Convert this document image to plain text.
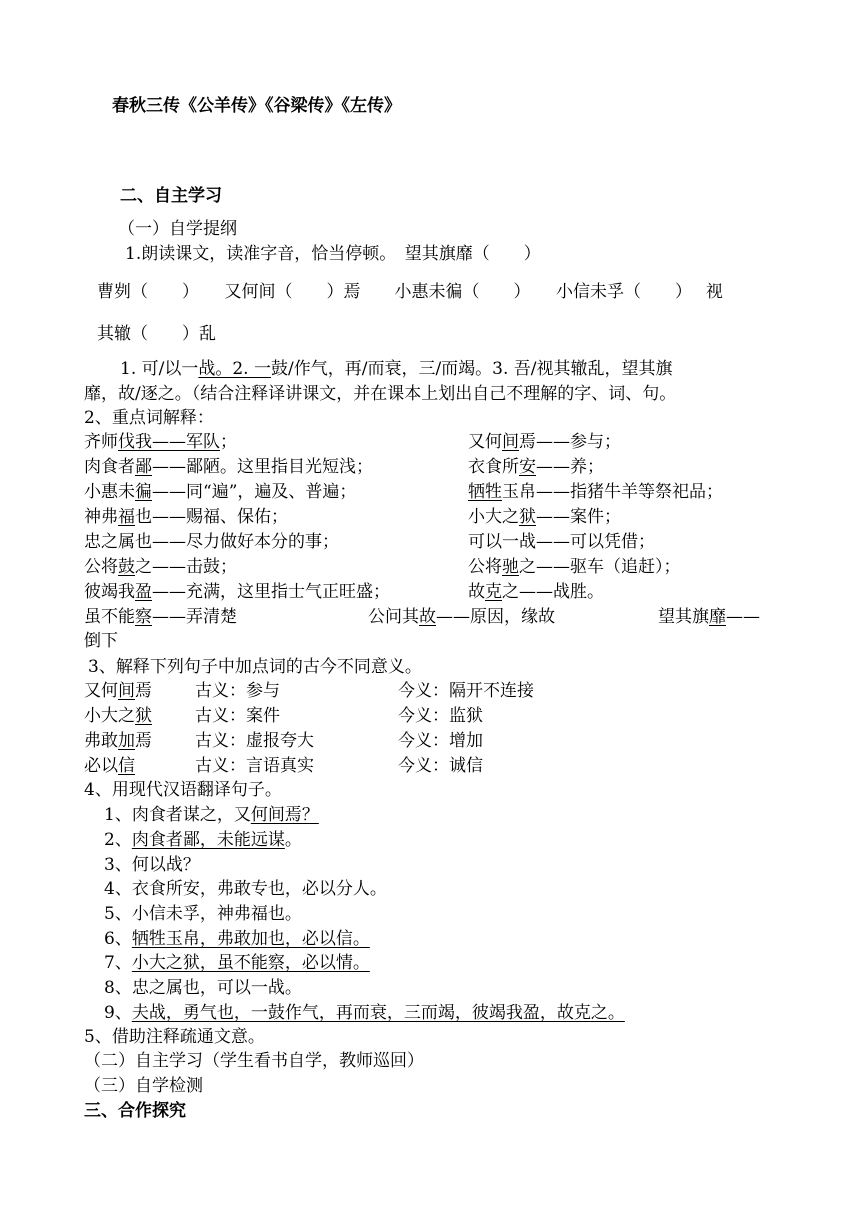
春秋三传《公羊传》《谷梁传》《左传》
二、自主学习
（一）自学提纲
1.朗读课文，读准字音，恰当停顿。　望其旗靡（　　）
曹刿（　　）　　又何间（　　）焉　　小惠未徧（　　）　　小信未孚（　　）　 视
其辙（　　）乱
1. 可/以一战。2. 一鼓/作气，再/而衰，三/而竭。3. 吾/视其辙乱，望其旗
靡，故/逐之。（结合注释译讲课文，并在课本上划出自己不理解的字、词、句。
2、重点词解释：
齐师伐我——军队；	又何间焉——参与；
肉食者鄙——鄙陋。这里指目光短浅；	衣食所安——养；
小惠未徧——同“遍”，遍及、普遍；	牺牲玉帛——指猪牛羊等祭祀品；
神弗福也——赐福、保佑；	小大之狱——案件；
忠之属也——尽力做好本分的事；	可以一战——可以凭借；
公将鼓之——击鼓；	公将驰之——驱车（追赶）；
彼竭我盈——充满，这里指士气正旺盛；	故克之——战胜。
虽不能察——弄清楚	公问其故——原因，缘故	望其旗靡——
倒下
3、解释下列句子中加点词的古今不同意义。
又何间焉	古义：参与	今义：隔开不连接
小大之狱	古义：案件	今义：监狱
弗敢加焉	古义：虚报夸大	今义：增加
必以信	古义：言语真实	今义：诚信
4、用现代汉语翻译句子。
1、肉食者谋之，又何间焉？
2、肉食者鄙，未能远谋。
3、何以战？
4、衣食所安，弗敢专也，必以分人。
5、小信未孚，神弗福也。
6、牺牲玉帛，弗敢加也，必以信。
7、小大之狱，虽不能察，必以情。
8、忠之属也，可以一战。
9、夫战，勇气也，一鼓作气，再而衰，三而竭，彼竭我盈，故克之。
5、借助注释疏通文意。
（二）自主学习（学生看书自学，教师巡回）
（三）自学检测
三、合作探究
